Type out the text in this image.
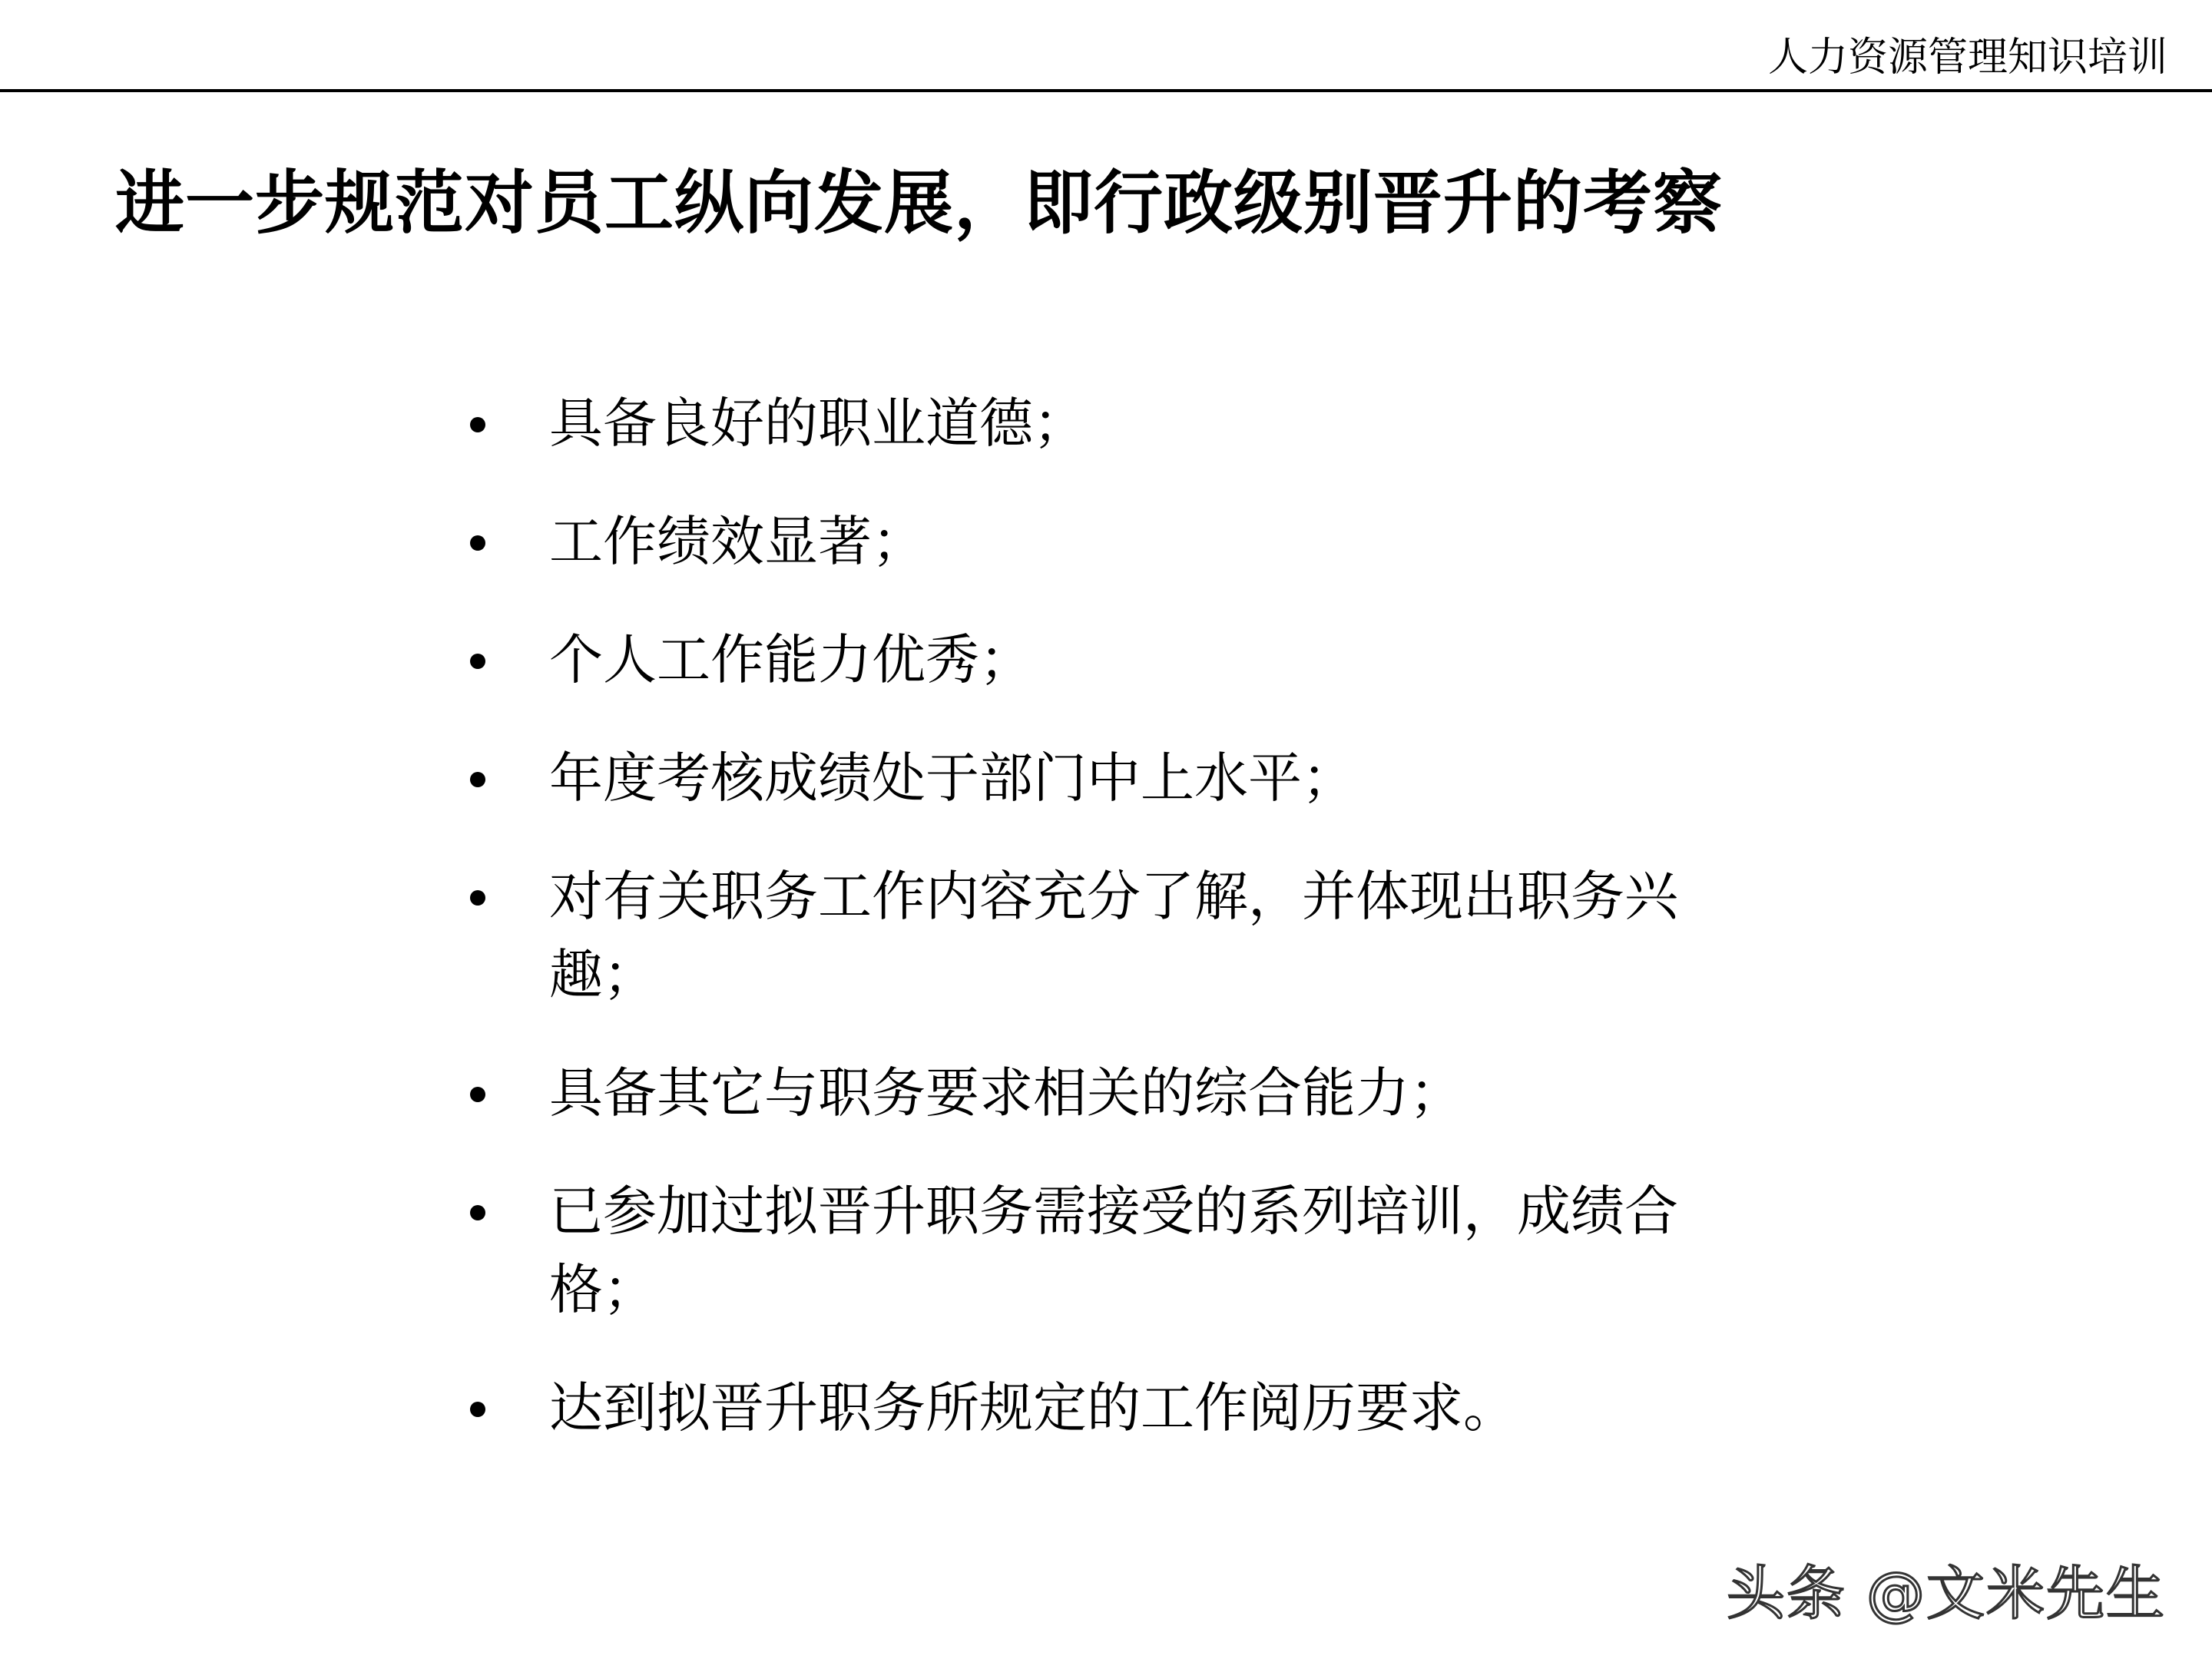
人力资源管理知识培训
进一步规范对员工纵向发展，即行政级别晋升的考察
具备良好的职业道德；
工作绩效显著；
个人工作能力优秀；
年度考核成绩处于部门中上水平；
对有关职务工作内容充分了解，并体现出职务兴趣；
具备其它与职务要求相关的综合能力；
已参加过拟晋升职务需接受的系列培训，成绩合格；
达到拟晋升职务所规定的工作阅历要求。
头条 @文米先生
